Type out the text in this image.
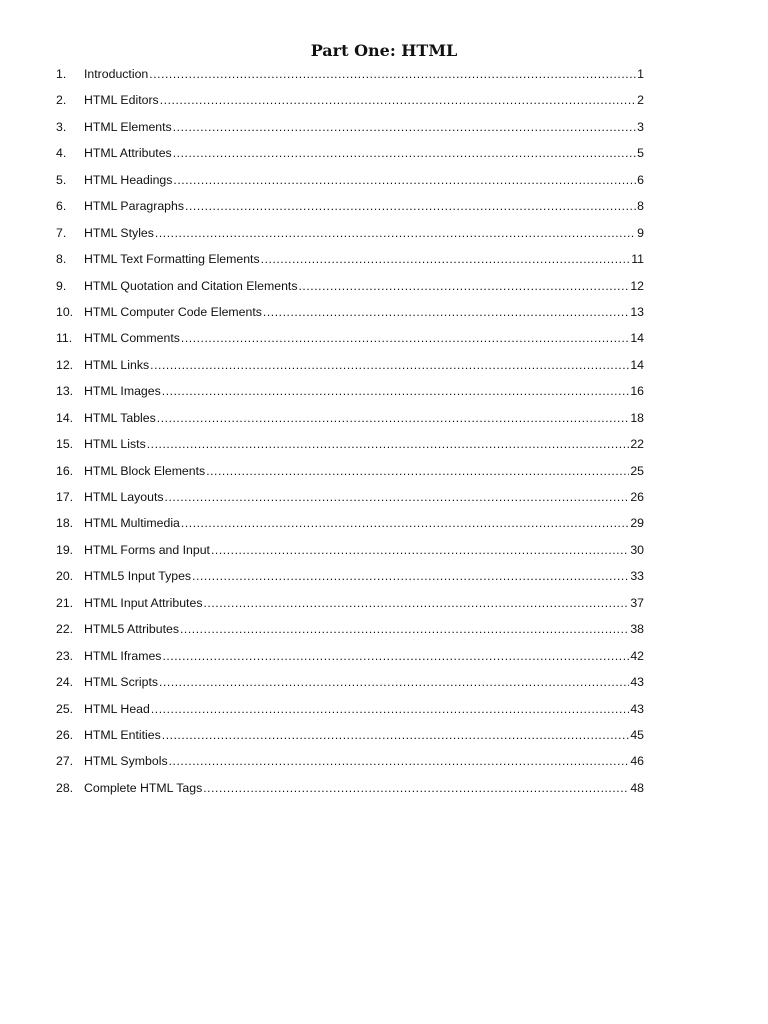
Part One: HTML
1.	Introduction .....	1
2.	HTML Editors .....	2
3.	HTML Elements .....	3
4.	HTML Attributes .....	5
5.	HTML Headings .....	6
6.	HTML Paragraphs .....	8
7.	HTML Styles .....	9
8.	HTML Text Formatting Elements .....	11
9.	HTML Quotation and Citation Elements .....	12
10. HTML Computer Code Elements .....	13
11. HTML Comments .....	14
12. HTML Links .....	14
13. HTML Images .....	16
14. HTML Tables .....	18
15. HTML Lists .....	22
16. HTML Block Elements .....	25
17. HTML Layouts .....	26
18. HTML Multimedia .....	29
19. HTML Forms and Input .....	30
20. HTML5 Input Types .....	33
21. HTML Input Attributes .....	37
22. HTML5 Attributes .....	38
23. HTML Iframes .....	42
24. HTML Scripts .....	43
25. HTML Head .....	43
26. HTML Entities .....	45
27. HTML Symbols .....	46
28. Complete HTML Tags .....	48
